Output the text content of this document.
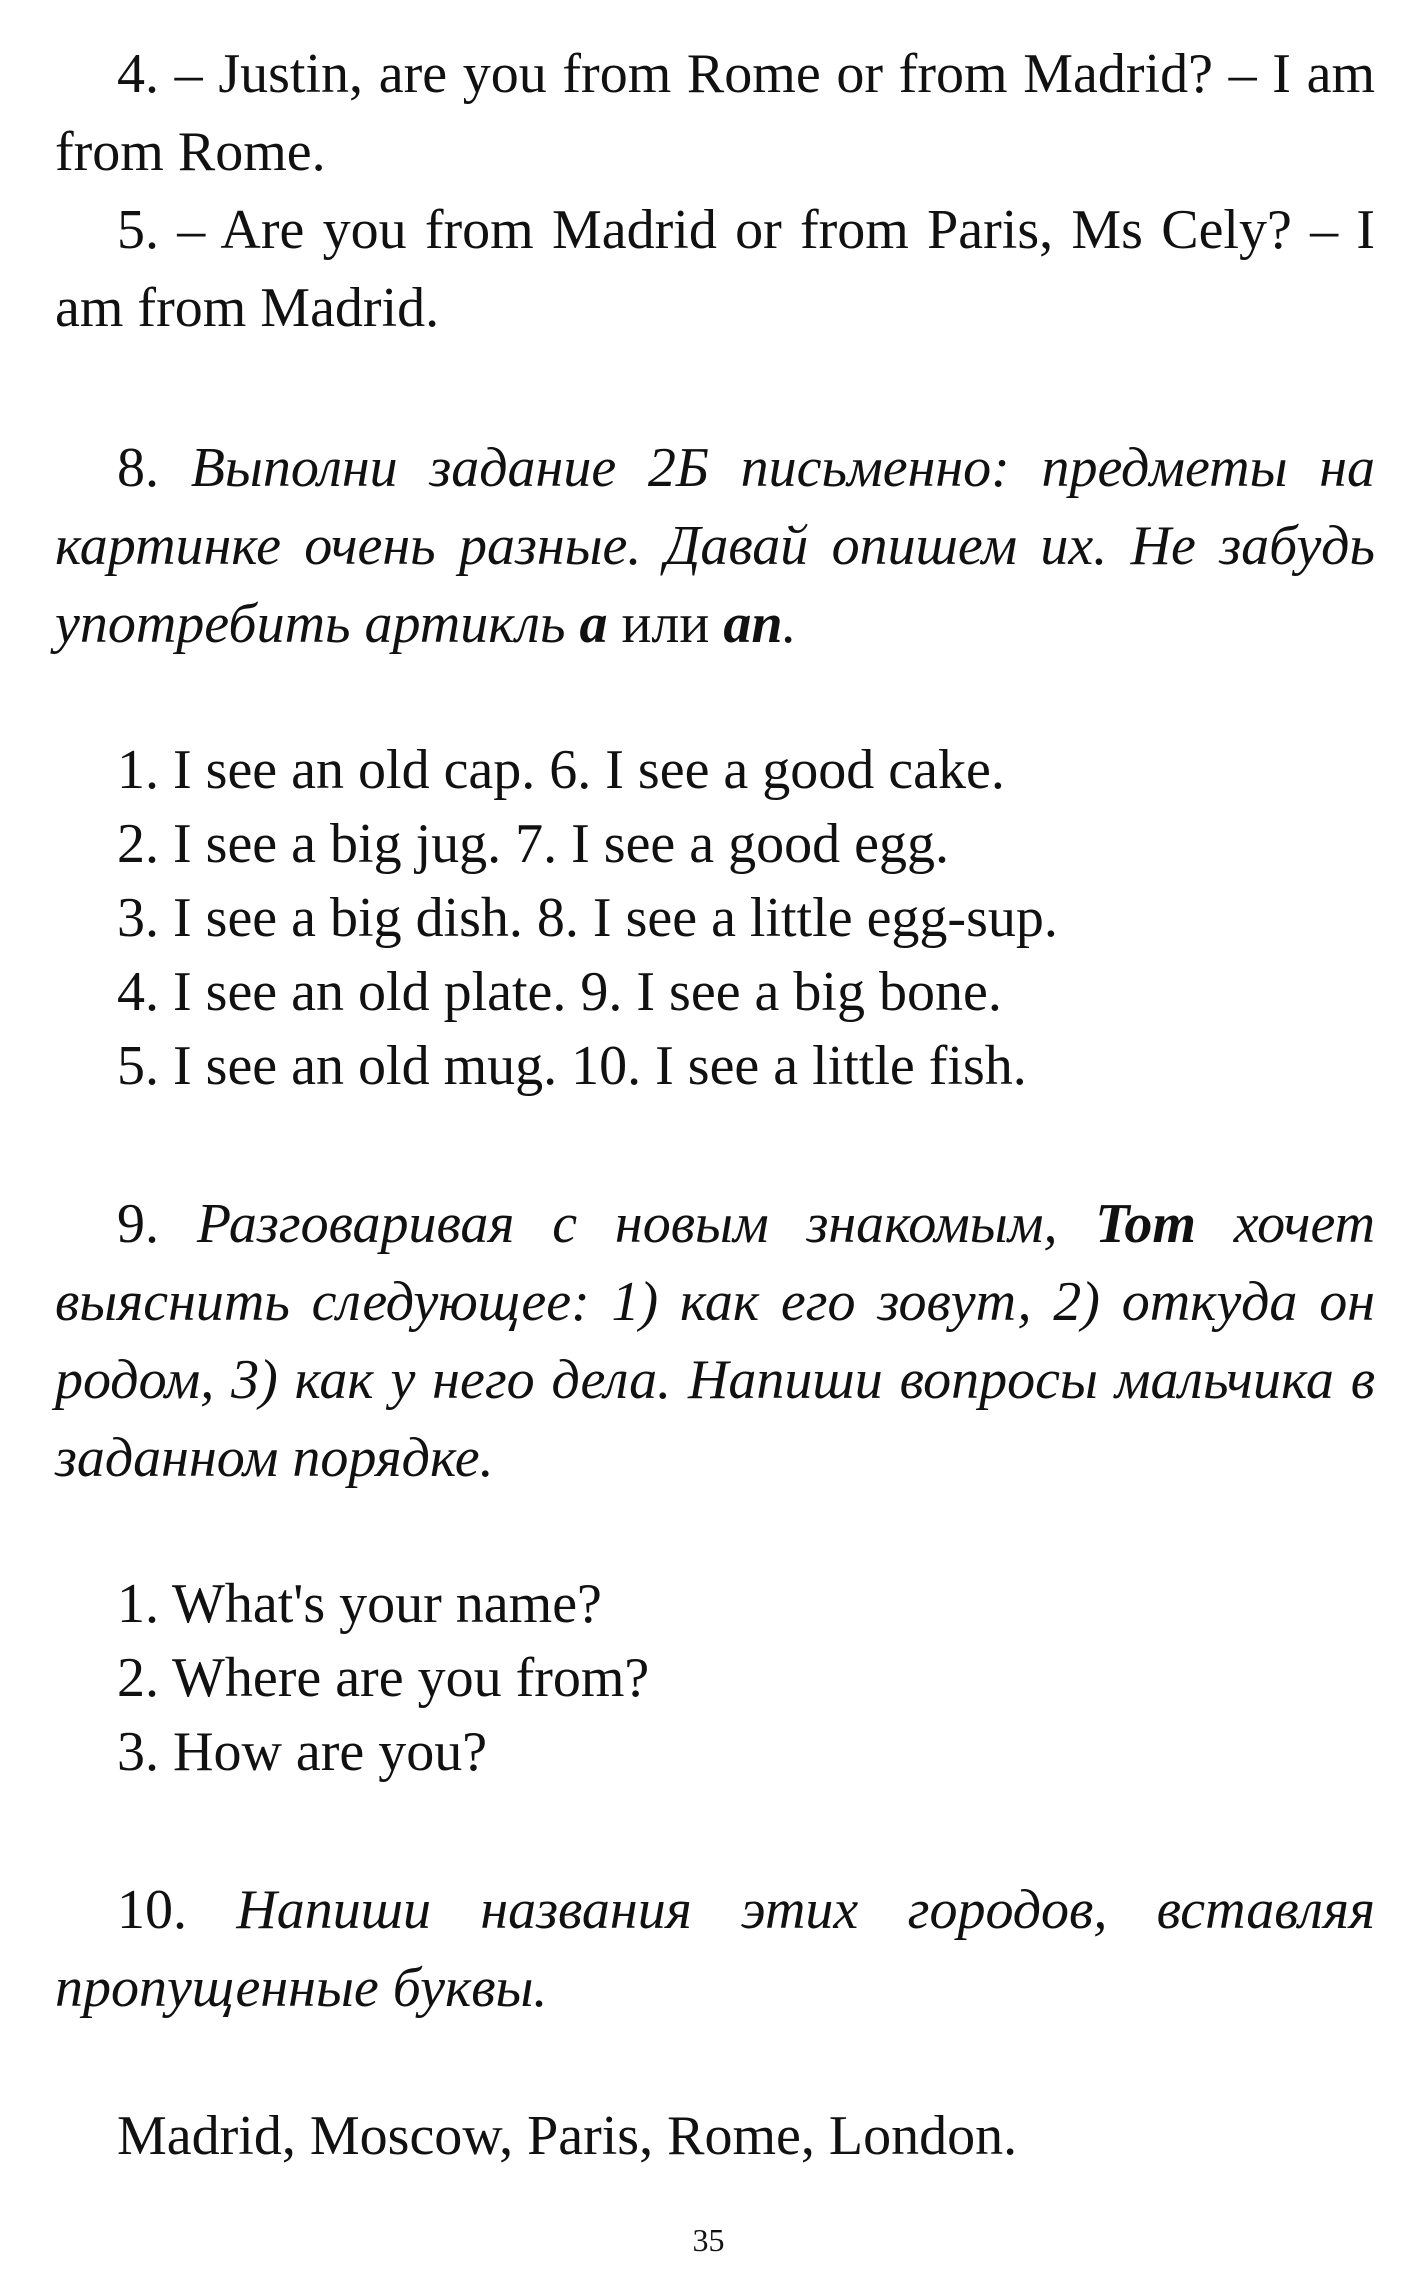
4. – Justin, are you from Rome or from Madrid? – I am from Rome.

5. – Are you from Madrid or from Paris, Ms Cely? – I am from Madrid.

8. Выполни задание 2Б письменно: предметы на картинке очень разные. Давай опишем их. Не забудь употребить артикль a или an.

1. I see an old cap. 6. I see a good cake.
2. I see a big jug. 7. I see a good egg.
3. I see a big dish. 8. I see a little egg-sup.
4. I see an old plate. 9. I see a big bone.
5. I see an old mug. 10. I see a little fish.

9. Разговаривая с новым знакомым, Tom хочет выяснить следующее: 1) как его зовут, 2) откуда он родом, 3) как у него дела. Напиши вопросы мальчика в заданном порядке.

1. What's your name?
2. Where are you from?
3. How are you?

10. Напиши названия этих городов, вставляя пропущенные буквы.

Madrid, Moscow, Paris, Rome, London.

35
